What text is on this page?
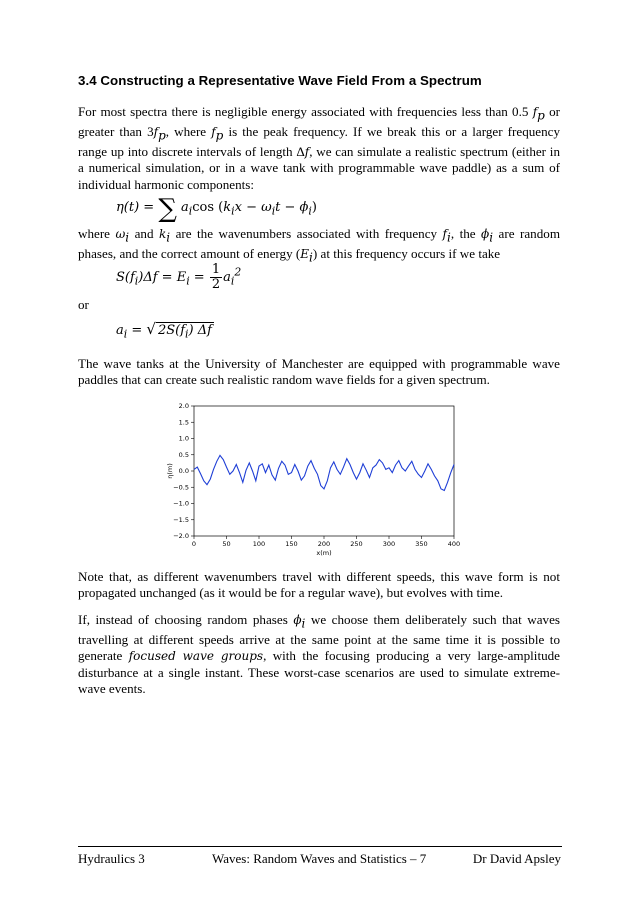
3.4 Constructing a Representative Wave Field From a Spectrum

For most spectra there is negligible energy associated with frequencies less than 0.5 $f_p$ or greater than $3f_p$, where $f_p$ is the peak frequency. If we break this or a larger frequency range up into discrete intervals of length Δf, we can simulate a realistic spectrum (either in a numerical simulation, or in a wave tank with programmable wave paddle) as a sum of individual harmonic components:

η(t) = ∑ $a_i\cos$ $(k_ix - \omega_it - \phi_i)$

where $\omega_i$ and $k_i$ are the wavenumbers associated with frequency $f_i$, the $\phi_i$ are random phases, and the correct amount of energy $(E_i)$ at this frequency occurs if we take

$S(f_i)\Delta f = E_i = \frac{1}{2} a_i^2$
or
$a_i$ = √ $2S(f_i)$ Δf

The wave tanks at the University of Manchester are equipped with programmable wave paddles that can create such realistic random wave fields for a given spectrum.

0	50	100	150	200	250	300	350	400
2.0
1.5
1.0
0.5
0.0
−0.5
−1.0
−1.5
−2.0
x(m)
η(m)

Note that, as different wavenumbers travel with different speeds, this wave form is not propagated unchanged (as it would be for a regular wave), but evolves with time.

If, instead of choosing random phases $\phi_i$ we choose them deliberately such that waves travelling at different speeds arrive at the same point at the same time it is possible to generate focused wave groups, with the focusing producing a very large-amplitude disturbance at a single instant. These worst-case scenarios are used to simulate extreme-wave events.

Hydraulics 3	Waves: Random Waves and Statistics – 7	Dr David Apsley
